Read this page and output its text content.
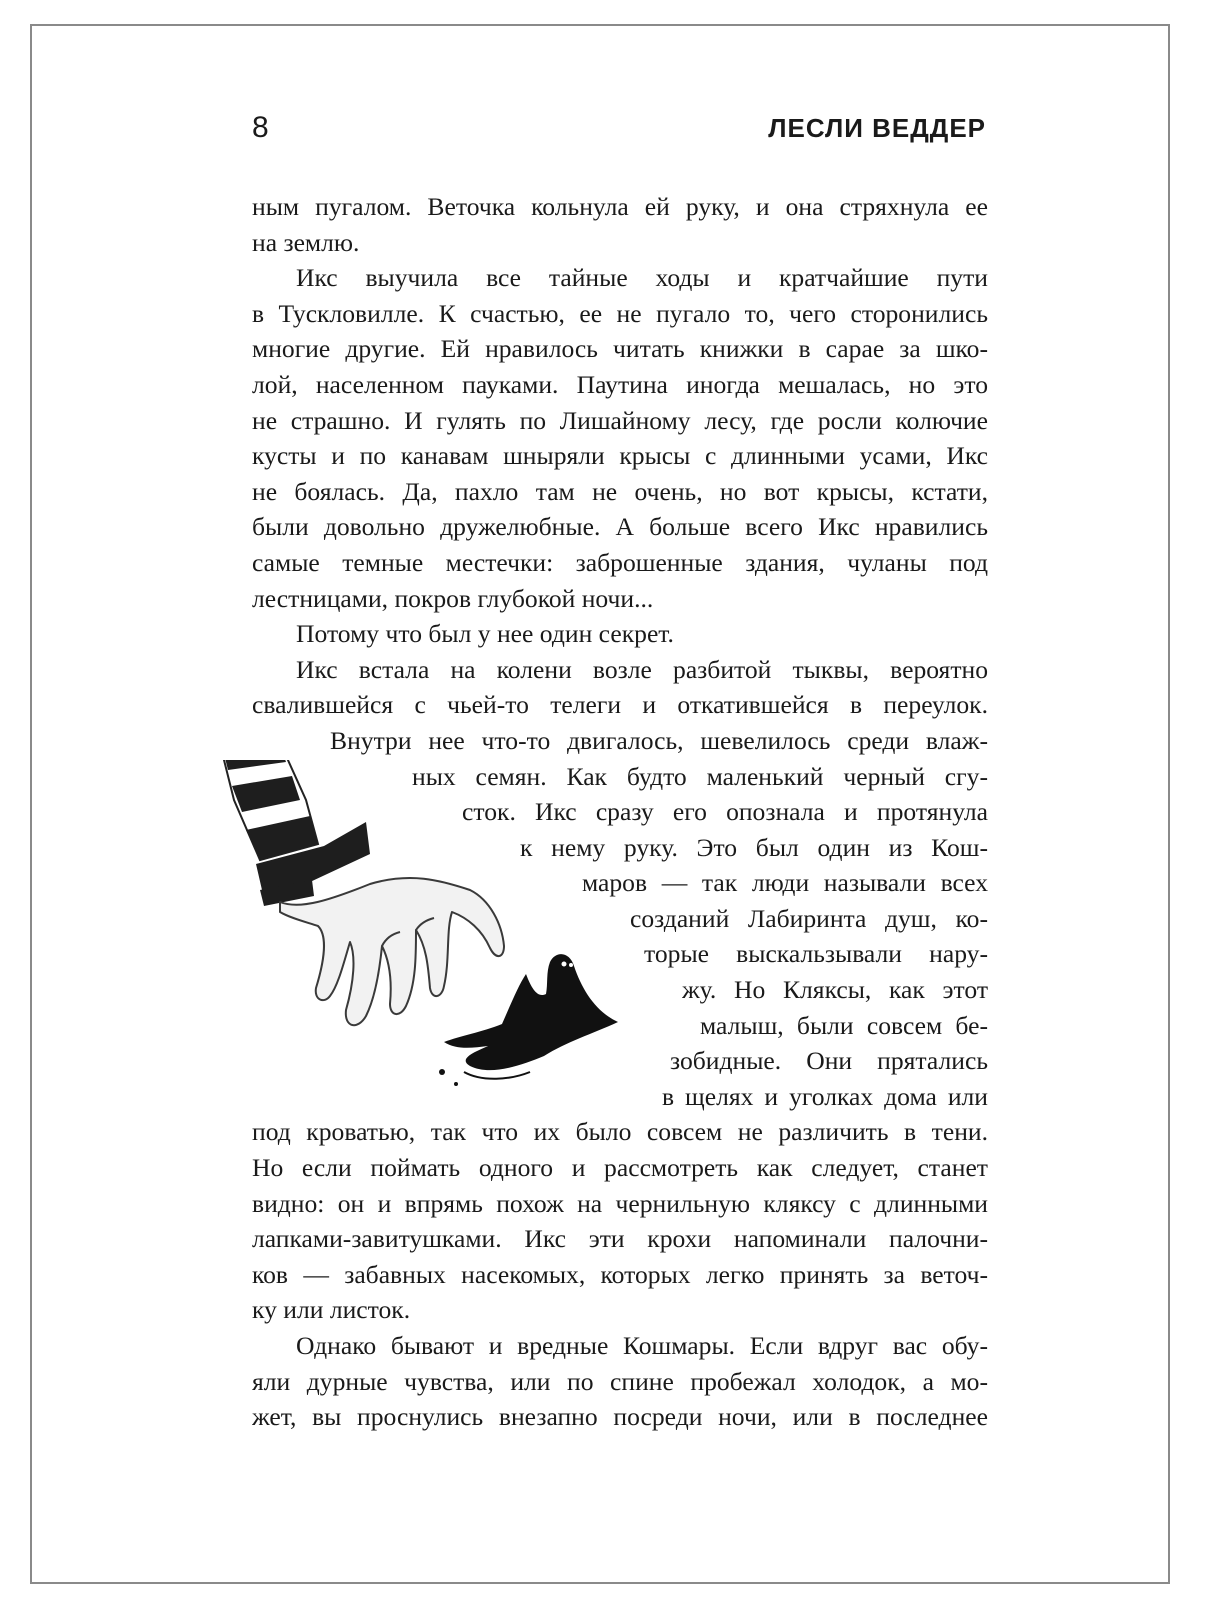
8	ЛЕСЛИ ВЕДДЕР
ным пугалом. Веточка кольнула ей руку, и она стряхнула ее
на землю.
Икс выучила все тайные ходы и кратчайшие пути
в Тускловилле. К счастью, ее не пугало то, чего сторонились
многие другие. Ей нравилось читать книжки в сарае за шко-
лой, населенном пауками. Паутина иногда мешалась, но это
не страшно. И гулять по Лишайному лесу, где росли колючие
кусты и по канавам шныряли крысы с длинными усами, Икс
не боялась. Да, пахло там не очень, но вот крысы, кстати,
были довольно дружелюбные. А больше всего Икс нравились
самые темные местечки: заброшенные здания, чуланы под
лестницами, покров глубокой ночи...
Потому что был у нее один секрет.
Икс встала на колени возле разбитой тыквы, вероятно
свалившейся с чьей-то телеги и откатившейся в переулок.
Внутри нее что-то двигалось, шевелилось среди влаж-
ных семян. Как будто маленький черный сгу-
сток. Икс сразу его опознала и протянула
к нему руку. Это был один из Кош-
маров — так люди называли всех
созданий Лабиринта душ, ко-
торые выскальзывали нару-
жу. Но Кляксы, как этот
малыш, были совсем бе-
зобидные. Они прятались
в щелях и уголках дома или
под кроватью, так что их было совсем не различить в тени.
Но если поймать одного и рассмотреть как следует, станет
видно: он и впрямь похож на чернильную кляксу с длинными
лапками-завитушками. Икс эти крохи напоминали палочни-
ков — забавных насекомых, которых легко принять за веточ-
ку или листок.
Однако бывают и вредные Кошмары. Если вдруг вас обу-
яли дурные чувства, или по спине пробежал холодок, а мо-
жет, вы проснулись внезапно посреди ночи, или в последнее
